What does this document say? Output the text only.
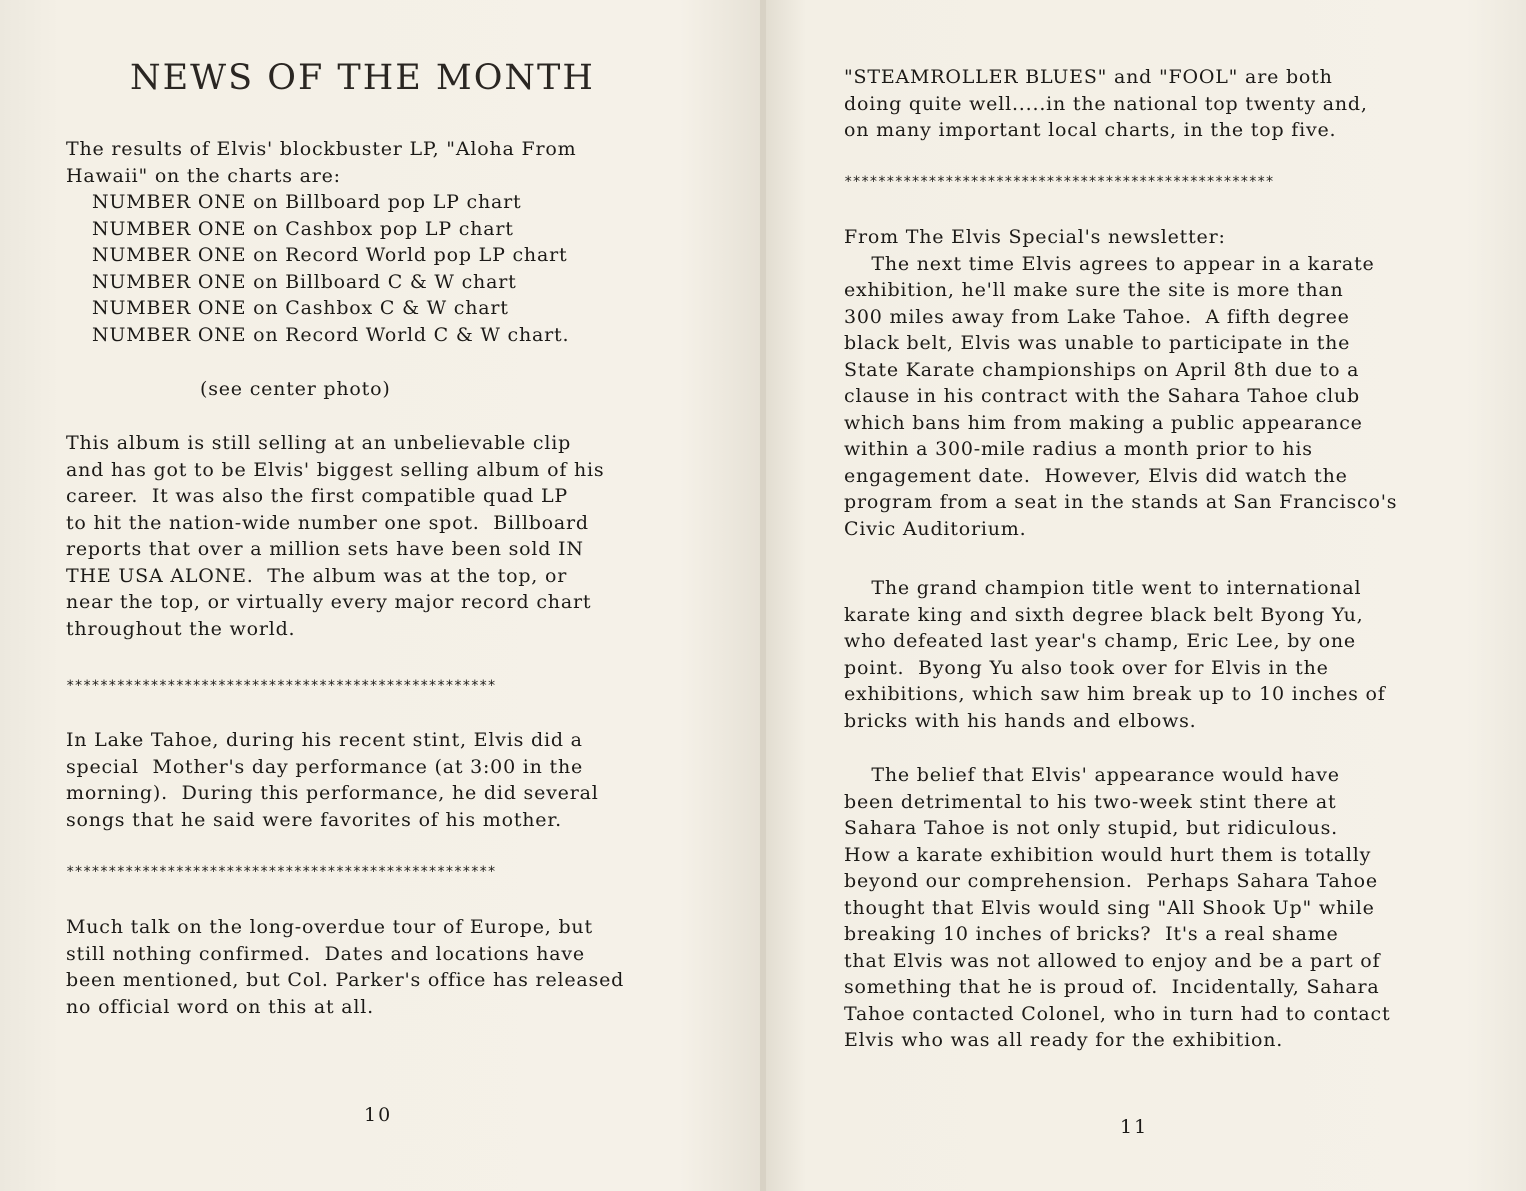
NEWS OF THE MONTH
The results of Elvis' blockbuster LP, "Aloha From
Hawaii" on the charts are:
NUMBER ONE on Billboard pop LP chart
NUMBER ONE on Cashbox pop LP chart
NUMBER ONE on Record World pop LP chart
NUMBER ONE on Billboard C & W chart
NUMBER ONE on Cashbox C & W chart
NUMBER ONE on Record World C & W chart.
(see center photo)
This album is still selling at an unbelievable clip
and has got to be Elvis' biggest selling album of his
career.  It was also the first compatible quad LP
to hit the nation-wide number one spot.  Billboard
reports that over a million sets have been sold IN
THE USA ALONE.  The album was at the top, or
near the top, or virtually every major record chart
throughout the world.
***************************************************
In Lake Tahoe, during his recent stint, Elvis did a
special  Mother's day performance (at 3:00 in the
morning).  During this performance, he did several
songs that he said were favorites of his mother.
***************************************************
Much talk on the long-overdue tour of Europe, but
still nothing confirmed.  Dates and locations have
been mentioned, but Col. Parker's office has released
no official word on this at all.
10
"STEAMROLLER BLUES" and "FOOL" are both
doing quite well.....in the national top twenty and,
on many important local charts, in the top five.
***************************************************
From The Elvis Special's newsletter:
The next time Elvis agrees to appear in a karate
exhibition, he'll make sure the site is more than
300 miles away from Lake Tahoe.  A fifth degree
black belt, Elvis was unable to participate in the
State Karate championships on April 8th due to a
clause in his contract with the Sahara Tahoe club
which bans him from making a public appearance
within a 300-mile radius a month prior to his
engagement date.  However, Elvis did watch the
program from a seat in the stands at San Francisco's
Civic Auditorium.
The grand champion title went to international
karate king and sixth degree black belt Byong Yu,
who defeated last year's champ, Eric Lee, by one
point.  Byong Yu also took over for Elvis in the
exhibitions, which saw him break up to 10 inches of
bricks with his hands and elbows.
The belief that Elvis' appearance would have
been detrimental to his two-week stint there at
Sahara Tahoe is not only stupid, but ridiculous.
How a karate exhibition would hurt them is totally
beyond our comprehension.  Perhaps Sahara Tahoe
thought that Elvis would sing "All Shook Up" while
breaking 10 inches of bricks?  It's a real shame
that Elvis was not allowed to enjoy and be a part of
something that he is proud of.  Incidentally, Sahara
Tahoe contacted Colonel, who in turn had to contact
Elvis who was all ready for the exhibition.
11
